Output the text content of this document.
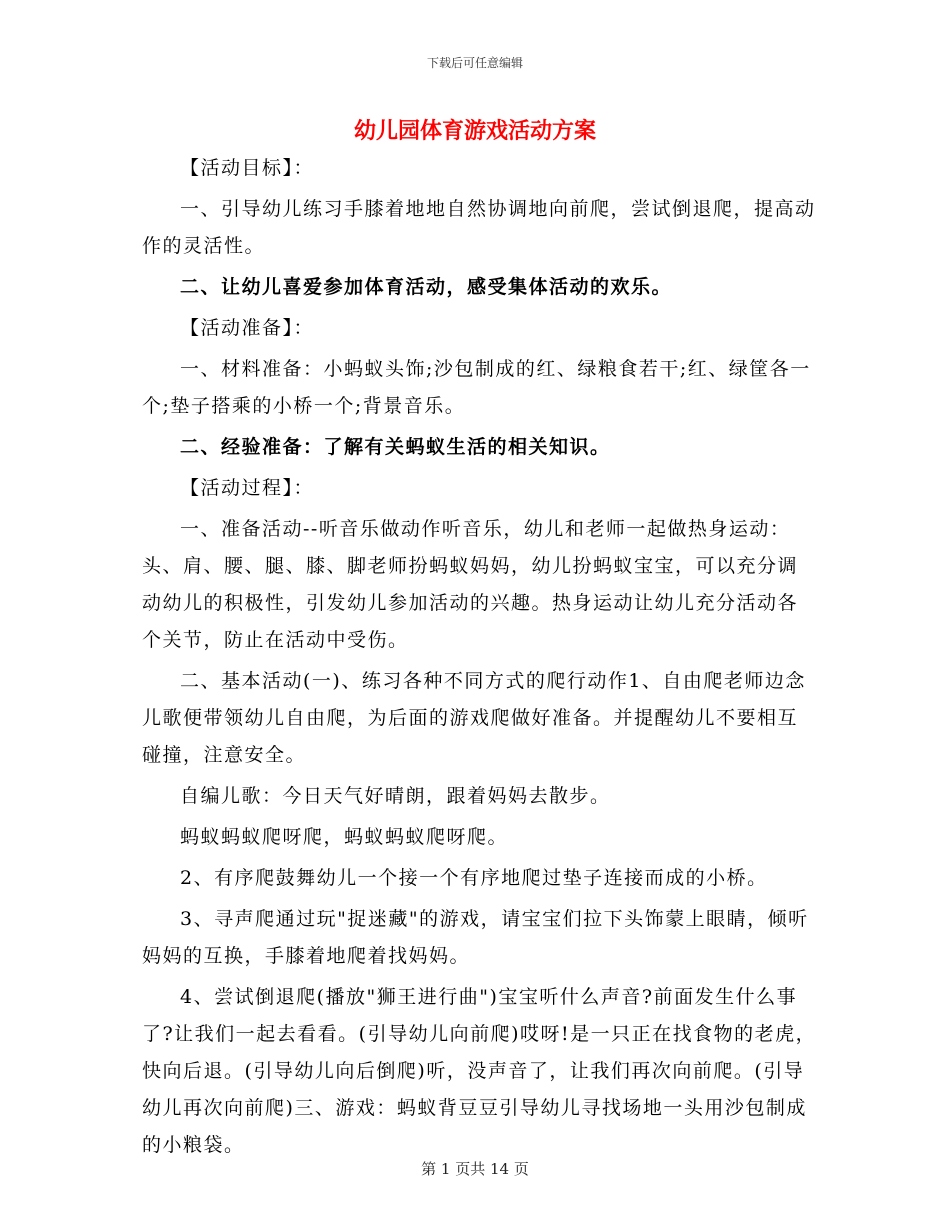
下载后可任意编辑
幼儿园体育游戏活动方案

【活动目标】：

一、引导幼儿练习手膝着地地自然协调地向前爬，尝试倒退爬，提高动作的灵活性。

二、让幼儿喜爱参加体育活动，感受集体活动的欢乐。

【活动准备】：

一、材料准备：小蚂蚁头饰;沙包制成的红、绿粮食若干;红、绿筐各一个;垫子搭乘的小桥一个;背景音乐。

二、经验准备：了解有关蚂蚁生活的相关知识。

【活动过程】：

一、准备活动--听音乐做动作听音乐，幼儿和老师一起做热身运动：头、肩、腰、腿、膝、脚老师扮蚂蚁妈妈，幼儿扮蚂蚁宝宝，可以充分调动幼儿的积极性，引发幼儿参加活动的兴趣。热身运动让幼儿充分活动各个关节，防止在活动中受伤。

二、基本活动(一)、练习各种不同方式的爬行动作1、自由爬老师边念儿歌便带领幼儿自由爬，为后面的游戏爬做好准备。并提醒幼儿不要相互碰撞，注意安全。

自编儿歌：今日天气好晴朗，跟着妈妈去散步。

蚂蚁蚂蚁爬呀爬，蚂蚁蚂蚁爬呀爬。

2、有序爬鼓舞幼儿一个接一个有序地爬过垫子连接而成的小桥。

3、寻声爬通过玩"捉迷藏"的游戏，请宝宝们拉下头饰蒙上眼睛，倾听妈妈的互换，手膝着地爬着找妈妈。

4、尝试倒退爬(播放"狮王进行曲")宝宝听什么声音?前面发生什么事了?让我们一起去看看。(引导幼儿向前爬)哎呀!是一只正在找食物的老虎，快向后退。(引导幼儿向后倒爬)听，没声音了，让我们再次向前爬。(引导幼儿再次向前爬)三、游戏：蚂蚁背豆豆引导幼儿寻找场地一头用沙包制成的小粮袋。

第 1 页共 14 页
